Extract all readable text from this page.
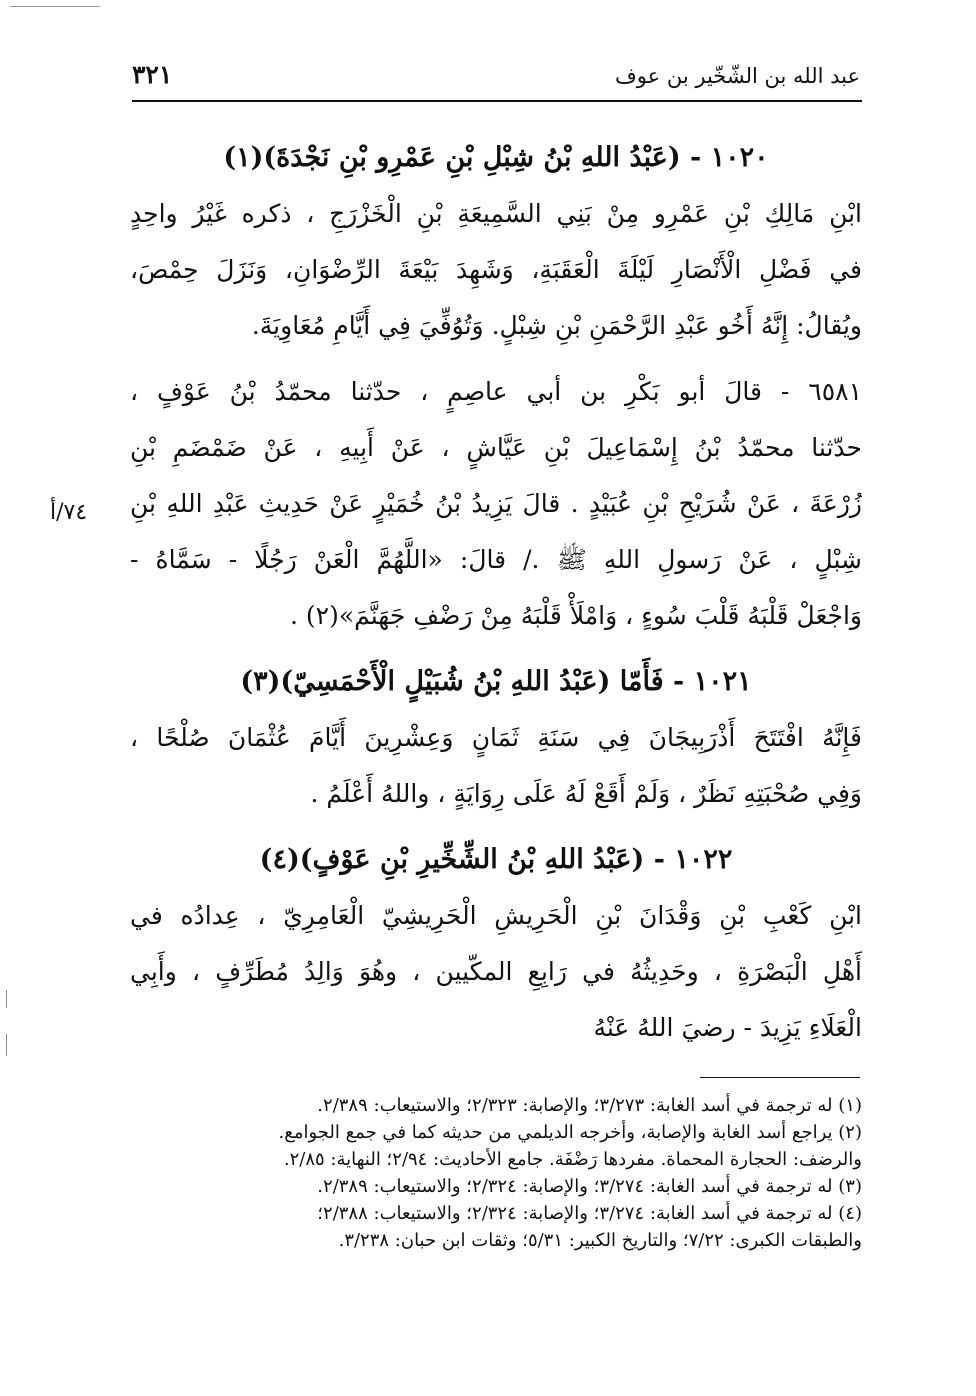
عبد الله بن الشّخّير بن عوف
٣٢١
٧٤/أ

١٠٢٠ - (عَبْدُ اللهِ بْنُ شِبْلِ بْنِ عَمْرِو بْنِ نَجْدَةَ)(١)

ابْنِ مَالِكِ بْنِ عَمْرِو مِنْ بَنِي السَّمِيعَةِ بْنِ الْخَزْرَجِ ، ذكره غَيْرُ واحِدٍ

في فَضْلِ الْأَنْصَارِ لَيْلَةَ الْعَقَبَةِ، وَشَهِدَ بَيْعَةَ الرِّضْوَانِ، وَنَزَلَ حِمْصَ،

ويُقالُ: إِنَّهُ أَخُو عَبْدِ الرَّحْمَنِ بْنِ شِبْلٍ. وَتُوُفِّيَ فِي أَيَّامِ مُعَاوِيَةَ.

٦٥٨١ - قالَ أبو بَكْرِ بن أبي عاصِمٍ ، حدّثنا محمّدُ بْنُ عَوْفٍ ،

حدّثنا محمّدُ بْنُ إِسْمَاعِيلَ بْنِ عَيَّاشٍ ، عَنْ أَبِيهِ ، عَنْ ضَمْضَمِ بْنِ

زُرْعَةَ ، عَنْ شُرَيْحِ بْنِ عُبَيْدٍ . قالَ يَزِيدُ بْنُ خُمَيْرٍ عَنْ حَدِيثِ عَبْدِ اللهِ بْنِ

شِبْلٍ ، عَنْ رَسولِ اللهِ ﷺ ./ قالَ: «اللَّهُمَّ الْعَنْ رَجُلًا - سَمَّاهُ -

وَاجْعَلْ قَلْبَهُ قَلْبَ سُوءٍ ، وَامْلَأْ قَلْبَهُ مِنْ رَضْفِ جَهَنَّمَ»(٢) .

١٠٢١ - فَأَمّا (عَبْدُ اللهِ بْنُ شُبَيْلٍ الْأَحْمَسِيّ)(٣)

فَإِنَّهُ افْتَتَحَ أَذْرَبِيجَانَ فِي سَنَةِ ثَمَانٍ وَعِشْرِينَ أَيَّامَ عُثْمَانَ صُلْحًا ،

وَفِي صُحْبَتِهِ نَظَرٌ ، وَلَمْ أَقَعْ لَهُ عَلَى رِوَايَةٍ ، واللهُ أَعْلَمُ .

١٠٢٢ - (عَبْدُ اللهِ بْنُ الشِّخِّيرِ بْنِ عَوْفٍ)(٤)

ابْنِ كَعْبِ بْنِ وَقْدَانَ بْنِ الْحَرِيشِ الْحَرِيشِيّ الْعَامِرِيّ ، عِدادُه في

أَهْلِ الْبَصْرَةِ ، وحَدِيثُهُ في رَابِعِ المكّيين ، وهُوَ وَالِدُ مُطَرِّفٍ ، وأَبِي

الْعَلَاءِ يَزِيدَ - رضيَ اللهُ عَنْهُ

(١) له ترجمة في أسد الغابة: ٣/٢٧٣؛ والإصابة: ٢/٣٢٣؛ والاستيعاب: ٢/٣٨٩.

(٢) يراجع أسد الغابة والإصابة، وأخرجه الديلمي من حديثه كما في جمع الجوامع.

والرضف: الحجارة المحماة. مفردها رَضْفَة. جامع الأحاديث: ٢/٩٤؛ النهاية: ٢/٨٥.

(٣) له ترجمة في أسد الغابة: ٣/٢٧٤؛ والإصابة: ٢/٣٢٤؛ والاستيعاب: ٢/٣٨٩.

(٤) له ترجمة في أسد الغابة: ٣/٢٧٤؛ والإصابة: ٢/٣٢٤؛ والاستيعاب: ٢/٣٨٨؛

والطبقات الكبرى: ٧/٢٢؛ والتاريخ الكبير: ٥/٣١؛ وثقات ابن حبان: ٣/٢٣٨.
